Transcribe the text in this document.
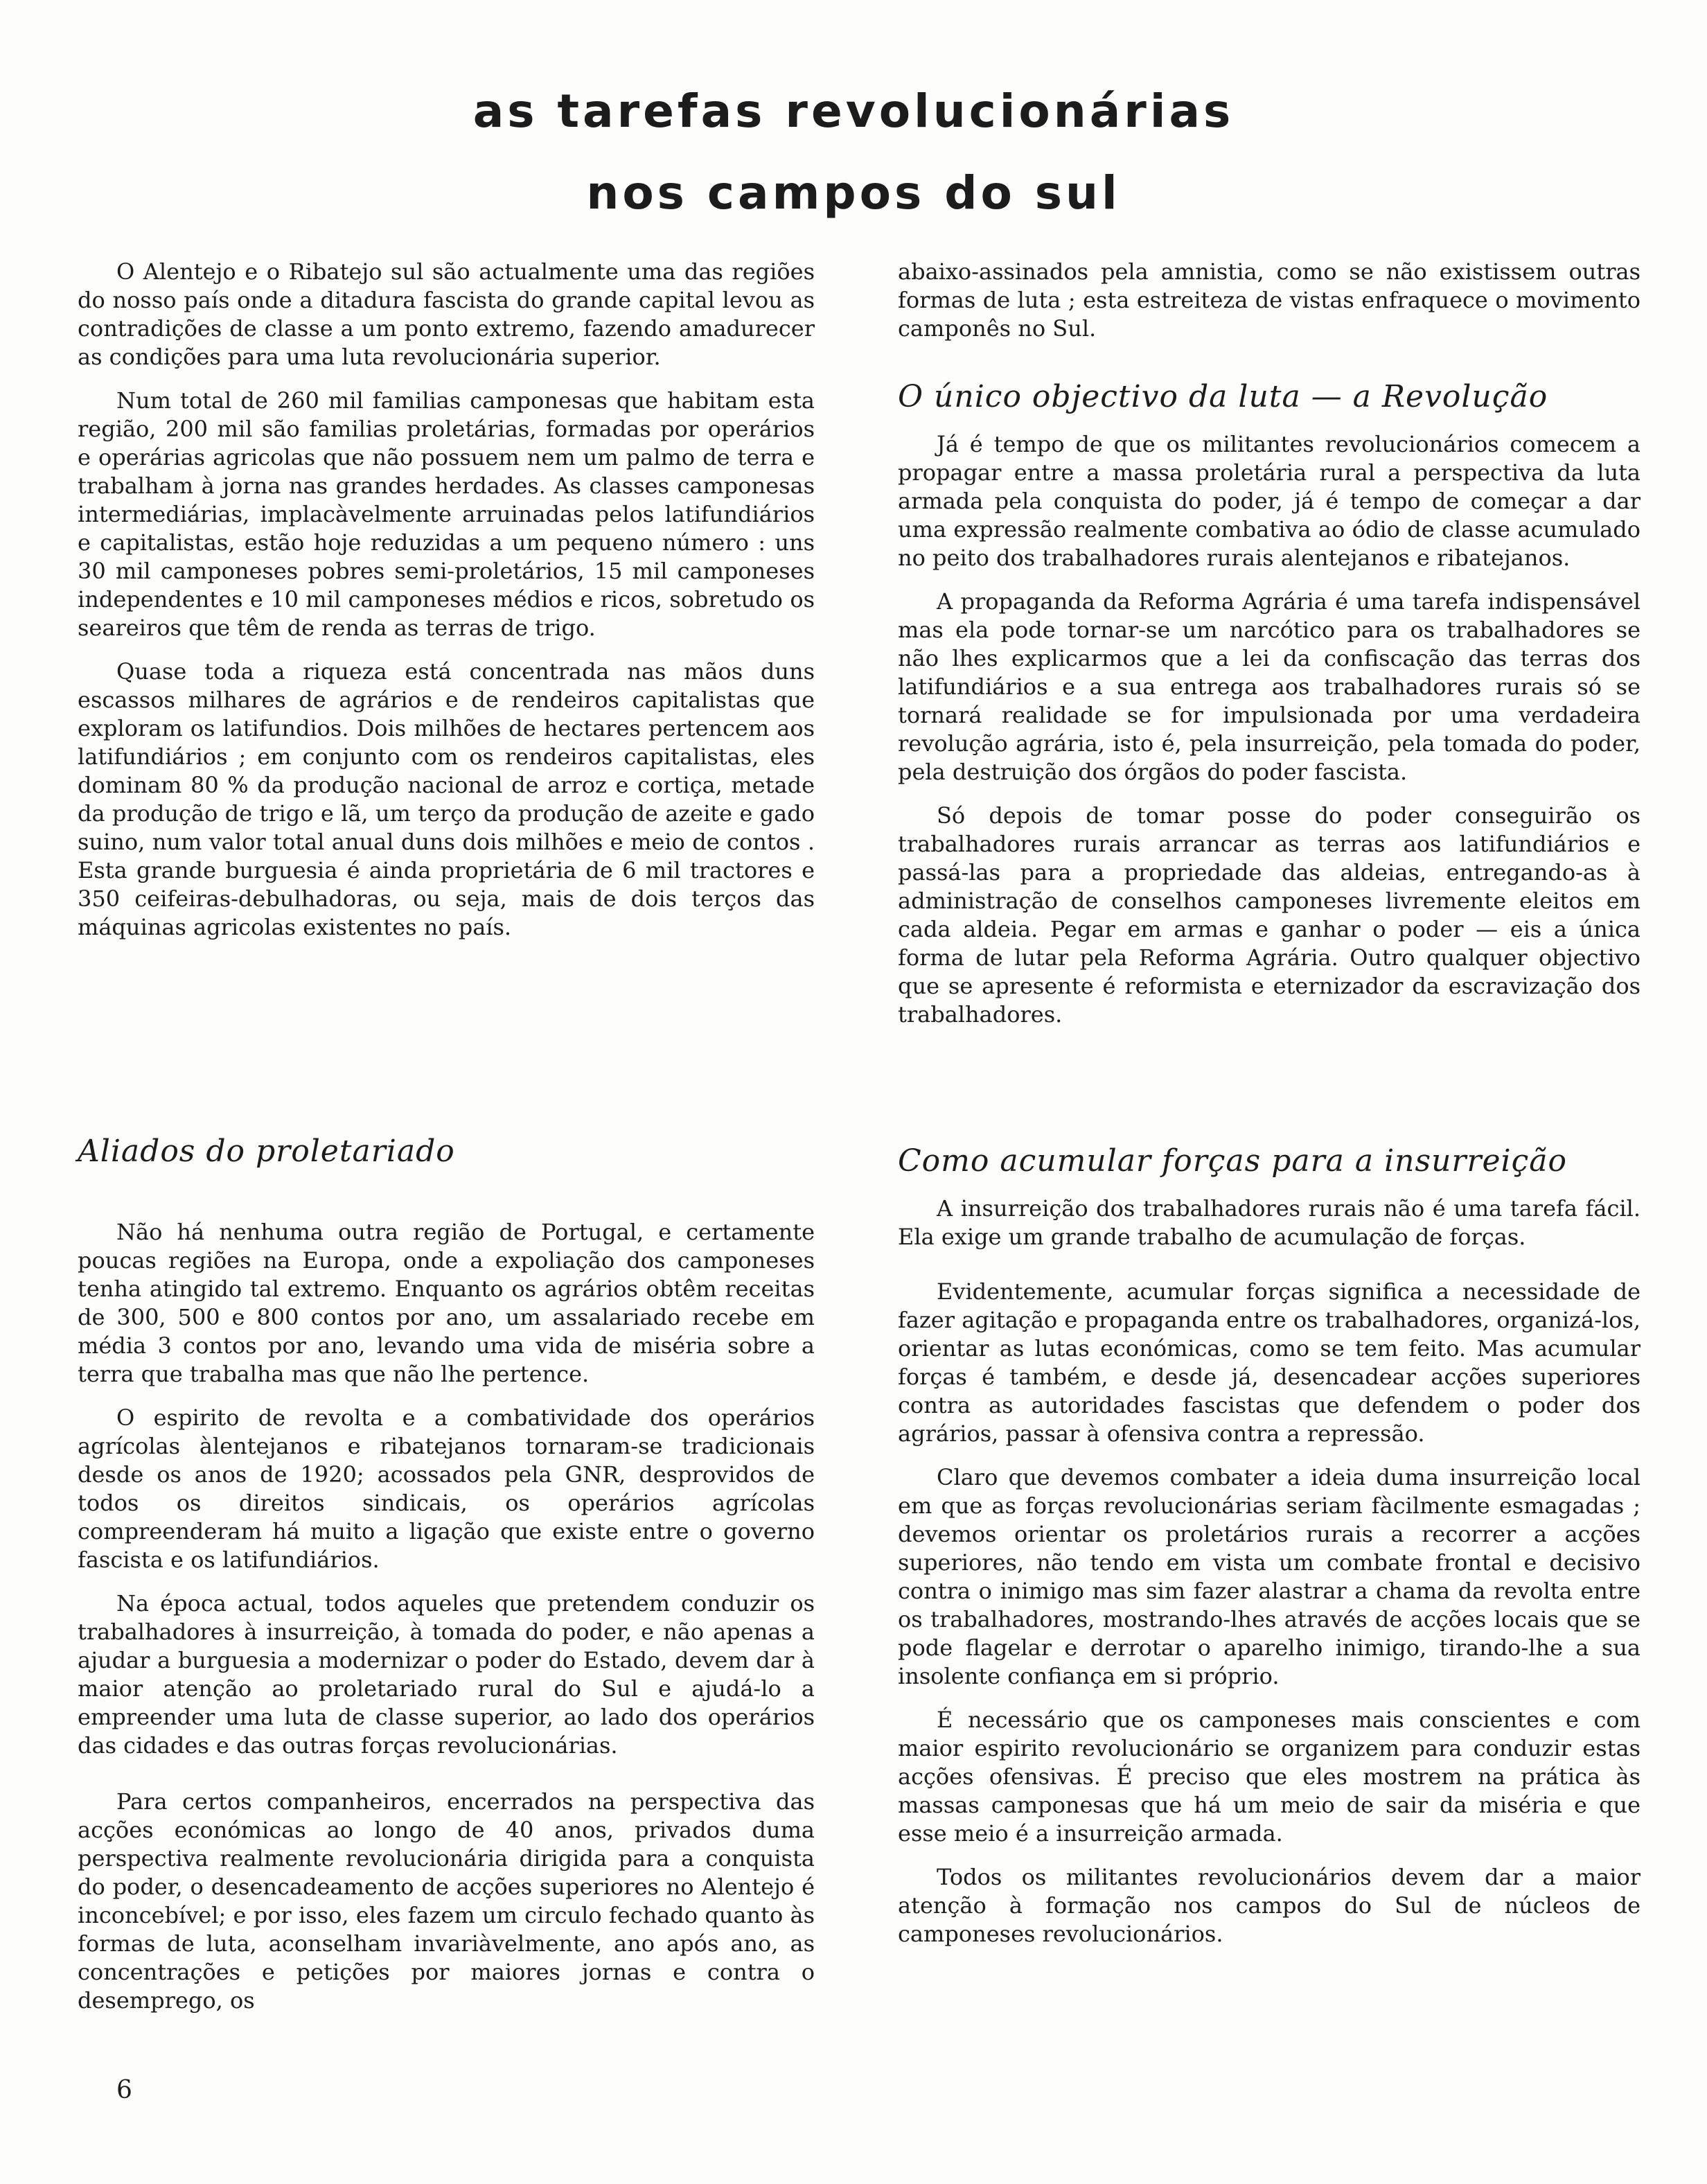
as tarefas revolucionárias
nos campos do sul

O Alentejo e o Ribatejo sul são actualmente uma das regiões do nosso país onde a ditadura fascista do grande capital levou as contradições de classe a um ponto extremo, fazendo amadurecer as condições para uma luta revolucionária superior.

Num total de 260 mil familias camponesas que habitam esta região, 200 mil são familias proletárias, formadas por operários e operárias agricolas que não possuem nem um palmo de terra e trabalham à jorna nas grandes herdades. As classes camponesas intermediárias, implacàvelmente arruinadas pelos latifundiários e capitalistas, estão hoje reduzidas a um pequeno número : uns 30 mil camponeses pobres semi-proletários, 15 mil camponeses independentes e 10 mil camponeses médios e ricos, sobretudo os seareiros que têm de renda as terras de trigo.

Quase toda a riqueza está concentrada nas mãos duns escassos milhares de agrários e de rendeiros capitalistas que exploram os latifundios. Dois milhões de hectares pertencem aos latifundiários ; em conjunto com os rendeiros capitalistas, eles dominam 80 % da produção nacional de arroz e cortiça, metade da produção de trigo e lã, um terço da produção de azeite e gado suino, num valor total anual duns dois milhões e meio de contos . Esta grande burguesia é ainda proprietária de 6 mil tractores e 350 ceifeiras-debulhadoras, ou seja, mais de dois terços das máquinas agricolas existentes no país.

Aliados do proletariado

Não há nenhuma outra região de Portugal, e certamente poucas regiões na Europa, onde a expoliação dos camponeses tenha atingido tal extremo. Enquanto os agrários obtêm receitas de 300, 500 e 800 contos por ano, um assalariado recebe em média 3 contos por ano, levando uma vida de miséria sobre a terra que trabalha mas que não lhe pertence.

O espirito de revolta e a combatividade dos operários agrícolas àlentejanos e ribatejanos tornaram-se tradicionais desde os anos de 1920; acossados pela GNR, desprovidos de todos os direitos sindicais, os operários agrícolas compreenderam há muito a ligação que existe entre o governo fascista e os latifundiários.

Na época actual, todos aqueles que pretendem conduzir os trabalhadores à insurreição, à tomada do poder, e não apenas a ajudar a burguesia a modernizar o poder do Estado, devem dar à maior atenção ao proletariado rural do Sul e ajudá-lo a empreender uma luta de classe superior, ao lado dos operários das cidades e das outras forças revolucionárias.

Para certos companheiros, encerrados na perspectiva das acções económicas ao longo de 40 anos, privados duma perspectiva realmente revolucionária dirigida para a conquista do poder, o desencadeamento de acções superiores no Alentejo é inconcebível; e por isso, eles fazem um circulo fechado quanto às formas de luta, aconselham invariàvelmente, ano após ano, as concentrações e petições por maiores jornas e contra o desemprego, os

abaixo-assinados pela amnistia, como se não existissem outras formas de luta ; esta estreiteza de vistas enfraquece o movimento camponês no Sul.

O único objectivo da luta — a Revolução

Já é tempo de que os militantes revolucionários comecem a propagar entre a massa proletária rural a perspectiva da luta armada pela conquista do poder, já é tempo de começar a dar uma expressão realmente combativa ao ódio de classe acumulado no peito dos trabalhadores rurais alentejanos e ribatejanos.

A propaganda da Reforma Agrária é uma tarefa indispensável mas ela pode tornar-se um narcótico para os trabalhadores se não lhes explicarmos que a lei da confiscação das terras dos latifundiários e a sua entrega aos trabalhadores rurais só se tornará realidade se for impulsionada por uma verdadeira revolução agrária, isto é, pela insurreição, pela tomada do poder, pela destruição dos órgãos do poder fascista.

Só depois de tomar posse do poder conseguirão os trabalhadores rurais arrancar as terras aos latifundiários e passá-las para a propriedade das aldeias, entregando-as à administração de conselhos camponeses livremente eleitos em cada aldeia. Pegar em armas e ganhar o poder — eis a única forma de lutar pela Reforma Agrária. Outro qualquer objectivo que se apresente é reformista e eternizador da escravização dos trabalhadores.

Como acumular forças para a insurreição

A insurreição dos trabalhadores rurais não é uma tarefa fácil. Ela exige um grande trabalho de acumulação de forças.

Evidentemente, acumular forças significa a necessidade de fazer agitação e propaganda entre os trabalhadores, organizá-los, orientar as lutas económicas, como se tem feito. Mas acumular forças é também, e desde já, desencadear acções superiores contra as autoridades fascistas que defendem o poder dos agrários, passar à ofensiva contra a repressão.

Claro que devemos combater a ideia duma insurreição local em que as forças revolucionárias seriam fàcilmente esmagadas ; devemos orientar os proletários rurais a recorrer a acções superiores, não tendo em vista um combate frontal e decisivo contra o inimigo mas sim fazer alastrar a chama da revolta entre os trabalhadores, mostrando-lhes através de acções locais que se pode flagelar e derrotar o aparelho inimigo, tirando-lhe a sua insolente confiança em si próprio.

É necessário que os camponeses mais conscientes e com maior espirito revolucionário se organizem para conduzir estas acções ofensivas. É preciso que eles mostrem na prática às massas camponesas que há um meio de sair da miséria e que esse meio é a insurreição armada.

Todos os militantes revolucionários devem dar a maior atenção à formação nos campos do Sul de núcleos de camponeses revolucionários.

6
